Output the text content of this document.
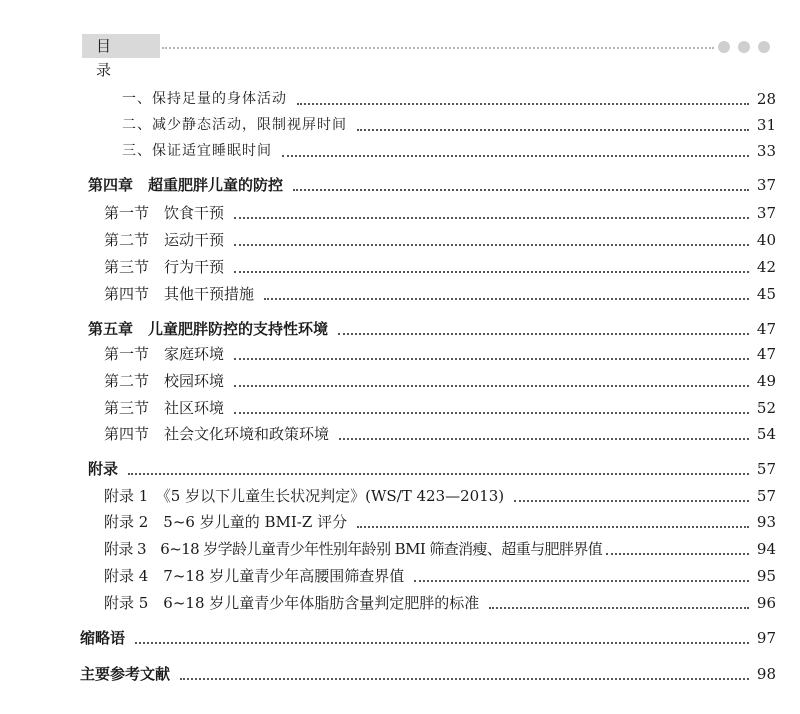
目 录
一、保持足量的身体活动	28
二、减少静态活动，限制视屏时间	31
三、保证适宜睡眠时间	33
第四章　超重肥胖儿童的防控	37
第一节　饮食干预	37
第二节　运动干预	40
第三节　行为干预	42
第四节　其他干预措施	45
第五章　儿童肥胖防控的支持性环境	47
第一节　家庭环境	47
第二节　校园环境	49
第三节　社区环境	52
第四节　社会文化环境和政策环境	54
附录	57
附录 1　《5 岁以下儿童生长状况判定》(WS/T 423—2013)	57
附录 2　5~6 岁儿童的 BMI-Z 评分	93
附录 3　6~18 岁学龄儿童青少年性别年龄别 BMI 筛查消瘦、超重与肥胖界值	94
附录 4　7~18 岁儿童青少年高腰围筛查界值	95
附录 5　6~18 岁儿童青少年体脂肪含量判定肥胖的标准	96
缩略语	97
主要参考文献	98
